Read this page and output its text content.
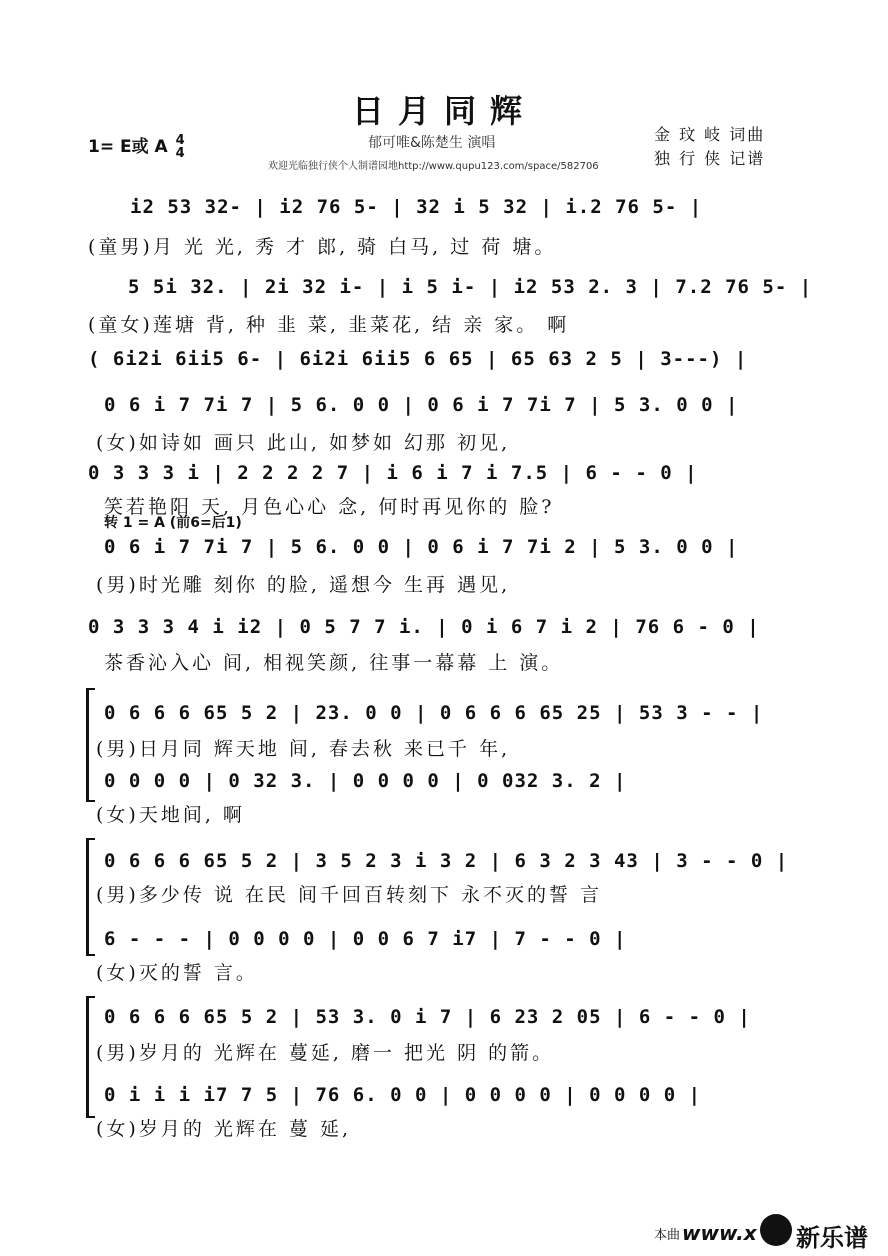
日月同辉
1= E或 A 4
4
郁可唯&陈楚生 演唱	金 玟 岐 词曲
独 行 侠 记谱
欢迎光临独行侠个人制谱园地http://www.qupu123.com/space/582706
i2 53 32- | i2 76 5- | 32 i 5 32 | i.2 76 5- |
(童男)月 光 光, 秀 才 郎, 骑 白马, 过 荷 塘。
5 5i 32. | 2i 32 i- | i 5 i- | i2 53 2. 3 | 7.2 76 5- |
(童女)莲塘 背, 种 韭 菜, 韭菜花, 结 亲 家。 啊
( 6i2i 6ii5 6- | 6i2i 6ii5 6 65 | 65 63 2 5 | 3---) |
0 6 i 7 7i 7 | 5 6. 0 0 | 0 6 i 7 7i 7 | 5 3. 0 0 |
(女)如诗如 画只 此山, 如梦如 幻那 初见,
0 3 3 3 i | 2 2 2 2 7 | i 6 i 7 i 7.5 | 6 - - 0 |
笑若艳阳 天, 月色心心 念, 何时再见你的 脸?
转 1 = A (前6=后1)
0 6 i 7 7i 7 | 5 6. 0 0 | 0 6 i 7 7i 2 | 5 3. 0 0 |
(男)时光雕 刻你 的脸, 遥想今 生再 遇见,
0 3 3 3 4 i i2 | 0 5 7 7 i. | 0 i 6 7 i 2 | 76 6 - 0 |
茶香沁入心 间, 相视笑颜, 往事一幕幕 上 演。
0 6 6 6 65 5 2 | 23. 0 0 | 0 6 6 6 65 25 | 53 3 - - |
(男)日月同 辉天地 间, 春去秋 来已千 年,
0 0 0 0 | 0 32 3. | 0 0 0 0 | 0 032 3. 2 |
(女)天地间, 啊
0 6 6 6 65 5 2 | 3 5 2 3 i 3 2 | 6 3 2 3 43 | 3 - - 0 |
(男)多少传 说 在民 间千回百转刻下 永不灭的誓 言
6 - - - | 0 0 0 0 | 0 0 6 7 i7 | 7 - - 0 |
(女)灭的誓 言。
0 6 6 6 65 5 2 | 53 3. 0 i 7 | 6 23 2 05 | 6 - - 0 |
(男)岁月的 光辉在 蔓延, 磨一 把光 阴 的箭。
0 i i i i7 7 5 | 76 6. 0 0 | 0 0 0 0 | 0 0 0 0 |
(女)岁月的 光辉在 蔓 延,
本曲 www.x 新乐谱
